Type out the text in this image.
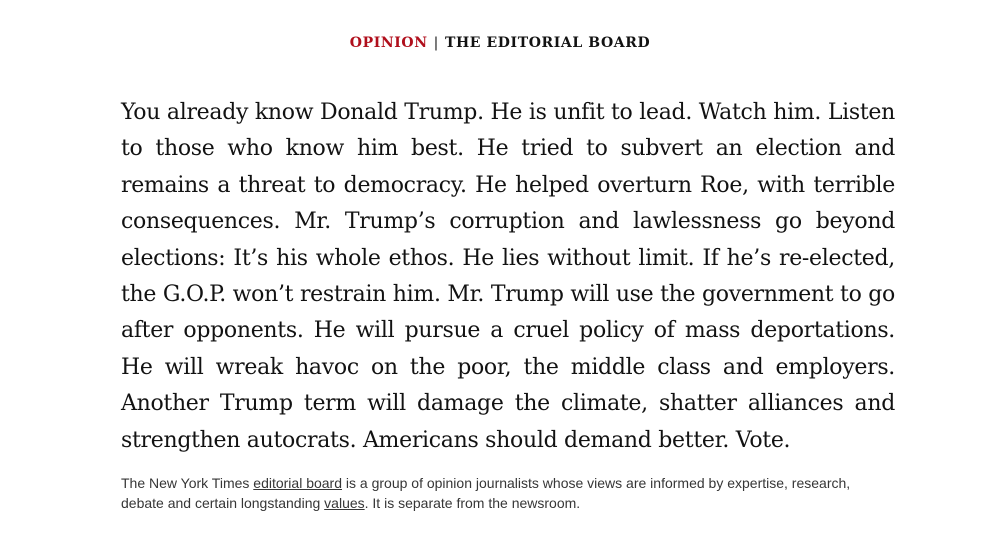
OPINION | THE EDITORIAL BOARD

You already know Donald Trump. He is unfit to lead. Watch him. Listen to those who know him best. He tried to subvert an election and remains a threat to democracy. He helped overturn Roe, with terrible consequences. Mr. Trump’s corruption and lawlessness go beyond elections: It’s his whole ethos. He lies without limit. If he’s re-elected, the G.O.P. won’t restrain him. Mr. Trump will use the government to go after opponents. He will pursue a cruel policy of mass deportations. He will wreak havoc on the poor, the middle class and employers. Another Trump term will damage the climate, shatter alliances and strengthen autocrats. Americans should demand better. Vote.

The New York Times editorial board is a group of opinion journalists whose views are informed by expertise, research, debate and certain longstanding values. It is separate from the newsroom.
